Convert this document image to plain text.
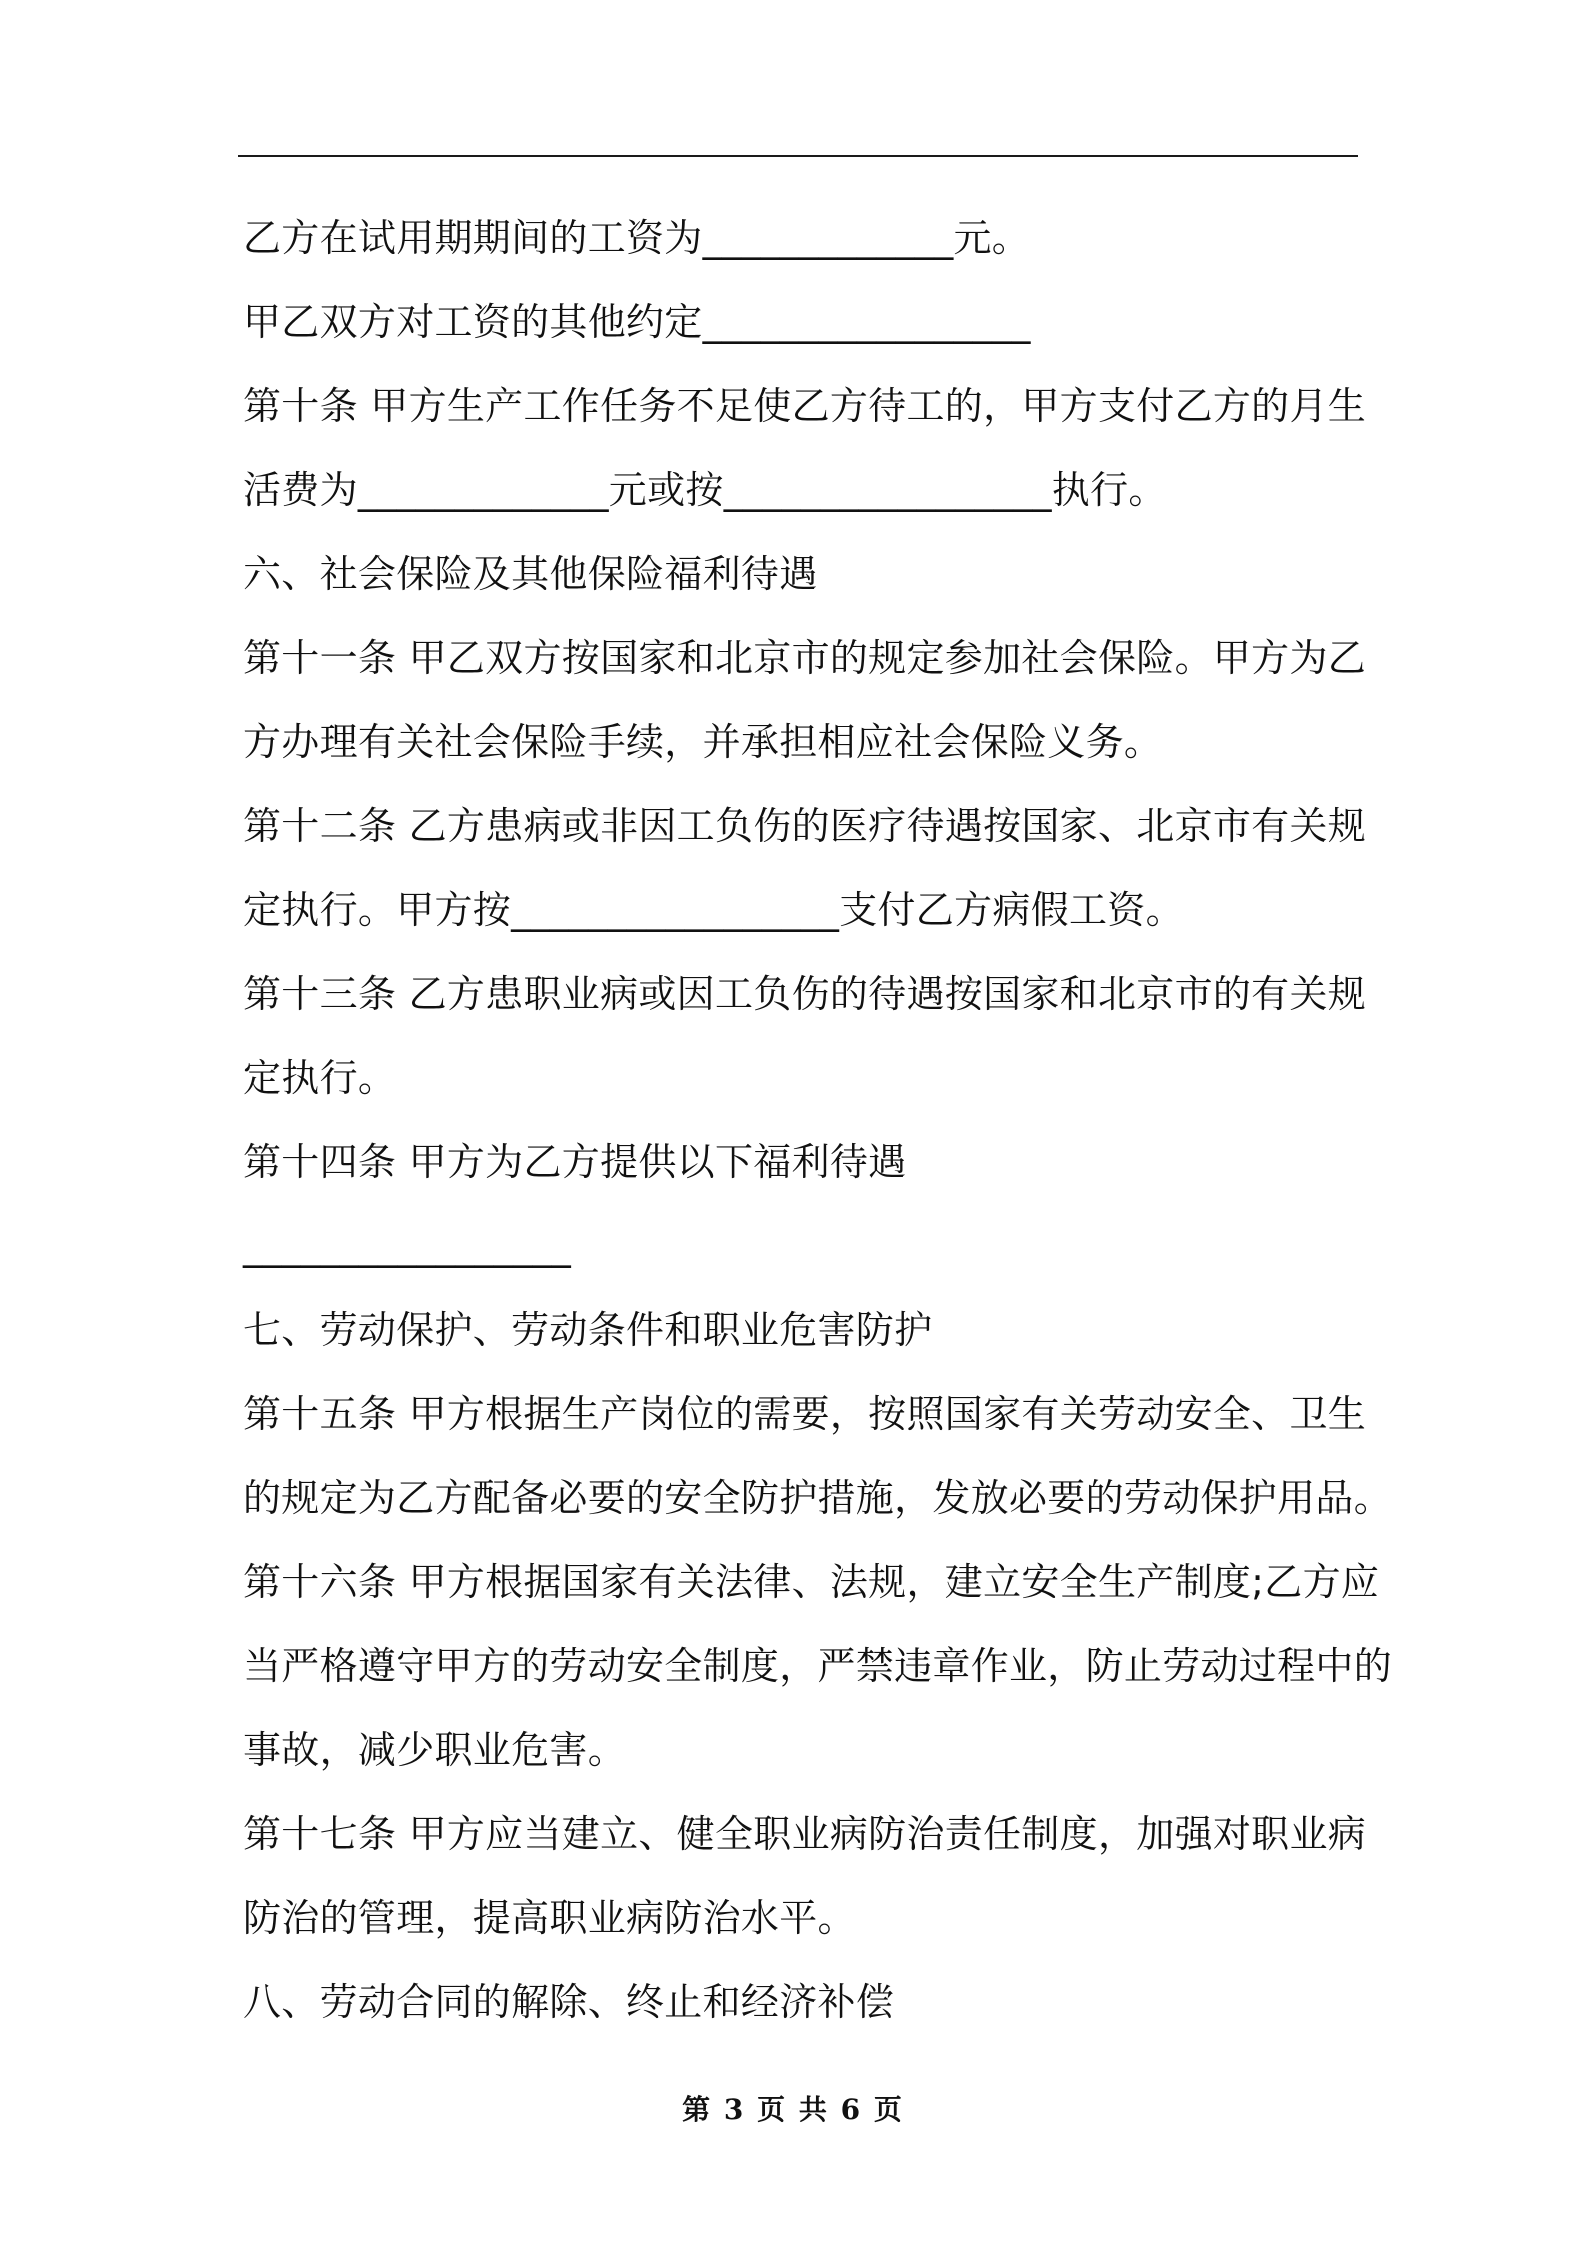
乙方在试用期期间的工资为_____________元。
甲乙双方对工资的其他约定_________________
第十条 甲方生产工作任务不足使乙方待工的，甲方支付乙方的月生
活费为_____________元或按_________________执行。
六、社会保险及其他保险福利待遇
第十一条 甲乙双方按国家和北京市的规定参加社会保险。甲方为乙
方办理有关社会保险手续，并承担相应社会保险义务。
第十二条 乙方患病或非因工负伤的医疗待遇按国家、北京市有关规
定执行。甲方按_________________支付乙方病假工资。
第十三条 乙方患职业病或因工负伤的待遇按国家和北京市的有关规
定执行。
第十四条 甲方为乙方提供以下福利待遇
_________________
七、劳动保护、劳动条件和职业危害防护
第十五条 甲方根据生产岗位的需要，按照国家有关劳动安全、卫生
的规定为乙方配备必要的安全防护措施，发放必要的劳动保护用品。
第十六条 甲方根据国家有关法律、法规，建立安全生产制度;乙方应
当严格遵守甲方的劳动安全制度，严禁违章作业，防止劳动过程中的
事故，减少职业危害。
第十七条 甲方应当建立、健全职业病防治责任制度，加强对职业病
防治的管理，提高职业病防治水平。
八、劳动合同的解除、终止和经济补偿
第 3 页 共 6 页
